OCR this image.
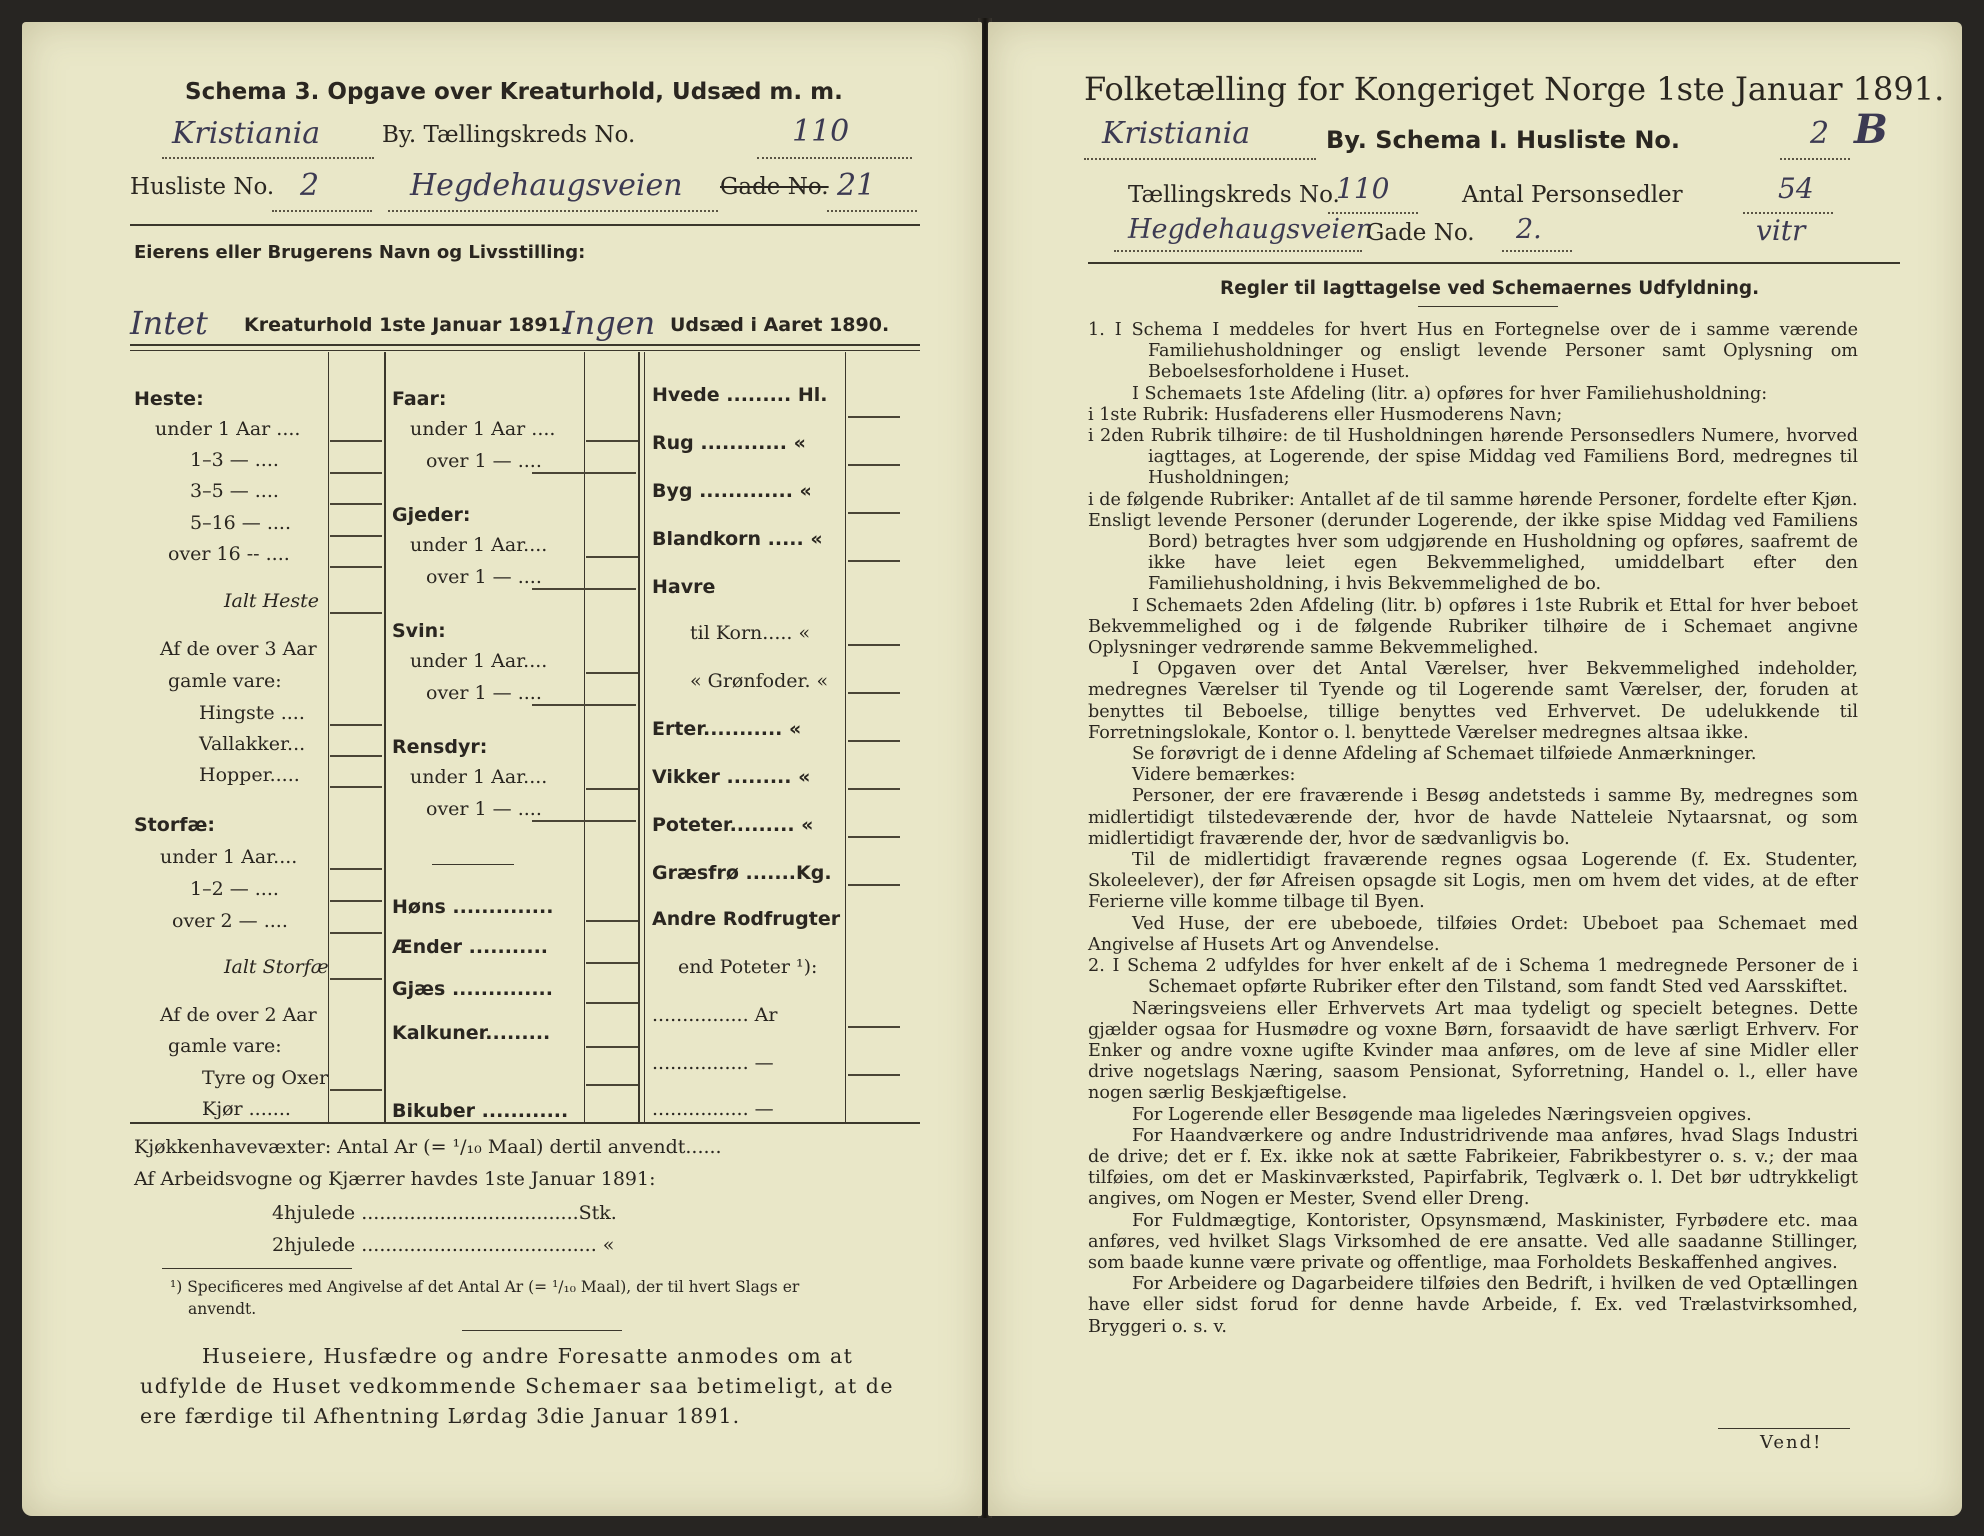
Schema 3. Opgave over Kreaturhold, Udsæd m. m.
Kristiania	By. Tællingskreds No.	110
Husliste No. 2	Hegdehaugsveien Gade No. 21
Eierens eller Brugerens Navn og Livsstilling:
Intet Kreaturhold 1ste Januar 1891.
Ingen Udsæd i Aaret 1890.
Heste:
under 1 Aar ....
1–3 — ....
3–5 — ....
5–16 — ....
over 16 -- ....
Ialt Heste
Af de over 3 Aar
gamle vare:
Hingste ....
Vallakker...
Hopper.....
Storfæ:
under 1 Aar....
1–2 — ....
over 2 — ....
Ialt Storfæ
Af de over 2 Aar
gamle vare:
Tyre og Oxer
Kjør .......
Faar:
under 1 Aar ....
over 1 — ....
Gjeder:
under 1 Aar....
over 1 — ....
Svin:
under 1 Aar....
over 1 — ....
Rensdyr:
under 1 Aar....
over 1 — ....
Høns ..............
Ænder ...........
Gjæs ..............
Kalkuner.........
Bikuber ............
Hvede ......... Hl.
Rug ............ «
Byg ............. «
Blandkorn ..... «
Havre
til Korn..... «
« Grønfoder. «
Erter........... «
Vikker ......... «
Poteter......... «
Græsfrø .......Kg.
Andre Rodfrugter
end Poteter ¹):
................ Ar
................ —
................ —
Kjøkkenhavevæxter: Antal Ar (= ¹/₁₀ Maal) dertil anvendt......
Af Arbeidsvogne og Kjærrer havdes 1ste Januar 1891:
4hjulede ....................................Stk.
2hjulede ....................................... «
¹) Specificeres med Angivelse af det Antal Ar (= ¹/₁₀ Maal), der til hvert Slags er
anvendt.
Huseiere, Husfædre og andre Foresatte anmodes om at
udfylde de Huset vedkommende Schemaer saa betimeligt, at de
ere færdige til Afhentning Lørdag 3die Januar 1891.
Folketælling for Kongeriget Norge 1ste Januar 1891.
Kristiania	By. Schema I. Husliste No.	2 B
Tællingskreds No.
110	Antal Personsedler	54
Hegdehaugsveien
Gade No. 2.	vitr
Regler til Iagttagelse ved Schemaernes Udfyldning.

1. I Schema I meddeles for hvert Hus en Fortegnelse over de i samme værende Familiehusholdninger og ensligt levende Personer samt Oplysning om Beboelsesforholdene i Huset.

I Schemaets 1ste Afdeling (litr. a) opføres for hver Familiehusholdning:

i 1ste Rubrik: Husfaderens eller Husmoderens Navn;

i 2den Rubrik tilhøire: de til Husholdningen hørende Personsedlers Numere, hvorved iagttages, at Logerende, der spise Middag ved Familiens Bord, medregnes til Husholdningen;

i de følgende Rubriker: Antallet af de til samme hørende Personer, fordelte efter Kjøn.

Ensligt levende Personer (derunder Logerende, der ikke spise Middag ved Familiens Bord) betragtes hver som udgjørende en Husholdning og opføres, saafremt de ikke have leiet egen Bekvemmelighed, umiddelbart efter den Familiehusholdning, i hvis Bekvemmelighed de bo.

I Schemaets 2den Afdeling (litr. b) opføres i 1ste Rubrik et Ettal for hver beboet Bekvemmelighed og i de følgende Rubriker tilhøire de i Schemaet angivne Oplysninger vedrørende samme Bekvemmelighed.

I Opgaven over det Antal Værelser, hver Bekvemmelighed indeholder, medregnes Værelser til Tyende og til Logerende samt Værelser, der, foruden at benyttes til Beboelse, tillige benyttes ved Erhvervet. De udelukkende til Forretningslokale, Kontor o. l. benyttede Værelser medregnes altsaa ikke.

Se forøvrigt de i denne Afdeling af Schemaet tilføiede Anmærkninger.

Videre bemærkes:

Personer, der ere fraværende i Besøg andetsteds i samme By, medregnes som midlertidigt tilstedeværende der, hvor de havde Natteleie Nytaarsnat, og som midlertidigt fraværende der, hvor de sædvanligvis bo.

Til de midlertidigt fraværende regnes ogsaa Logerende (f. Ex. Studenter, Skoleelever), der før Afreisen opsagde sit Logis, men om hvem det vides, at de efter Ferierne ville komme tilbage til Byen.

Ved Huse, der ere ubeboede, tilføies Ordet: Ubeboet paa Schemaet med Angivelse af Husets Art og Anvendelse.

2. I Schema 2 udfyldes for hver enkelt af de i Schema 1 medregnede Personer de i Schemaet opførte Rubriker efter den Tilstand, som fandt Sted ved Aarsskiftet.

Næringsveiens eller Erhvervets Art maa tydeligt og specielt betegnes. Dette gjælder ogsaa for Husmødre og voxne Børn, forsaavidt de have særligt Erhverv. For Enker og andre voxne ugifte Kvinder maa anføres, om de leve af sine Midler eller drive nogetslags Næring, saasom Pensionat, Syforretning, Handel o. l., eller have nogen særlig Beskjæftigelse.

For Logerende eller Besøgende maa ligeledes Næringsveien opgives.

For Haandværkere og andre Industridrivende maa anføres, hvad Slags Industri de drive; det er f. Ex. ikke nok at sætte Fabrikeier, Fabrikbestyrer o. s. v.; der maa tilføies, om det er Maskinværksted, Papirfabrik, Teglværk o. l. Det bør udtrykkeligt angives, om Nogen er Mester, Svend eller Dreng.

For Fuldmægtige, Kontorister, Opsynsmænd, Maskinister, Fyrbødere etc. maa anføres, ved hvilket Slags Virksomhed de ere ansatte. Ved alle saadanne Stillinger, som baade kunne være private og offentlige, maa Forholdets Beskaffenhed angives.

For Arbeidere og Dagarbeidere tilføies den Bedrift, i hvilken de ved Optællingen have eller sidst forud for denne havde Arbeide, f. Ex. ved Trælastvirksomhed, Bryggeri o. s. v.

Vend!
